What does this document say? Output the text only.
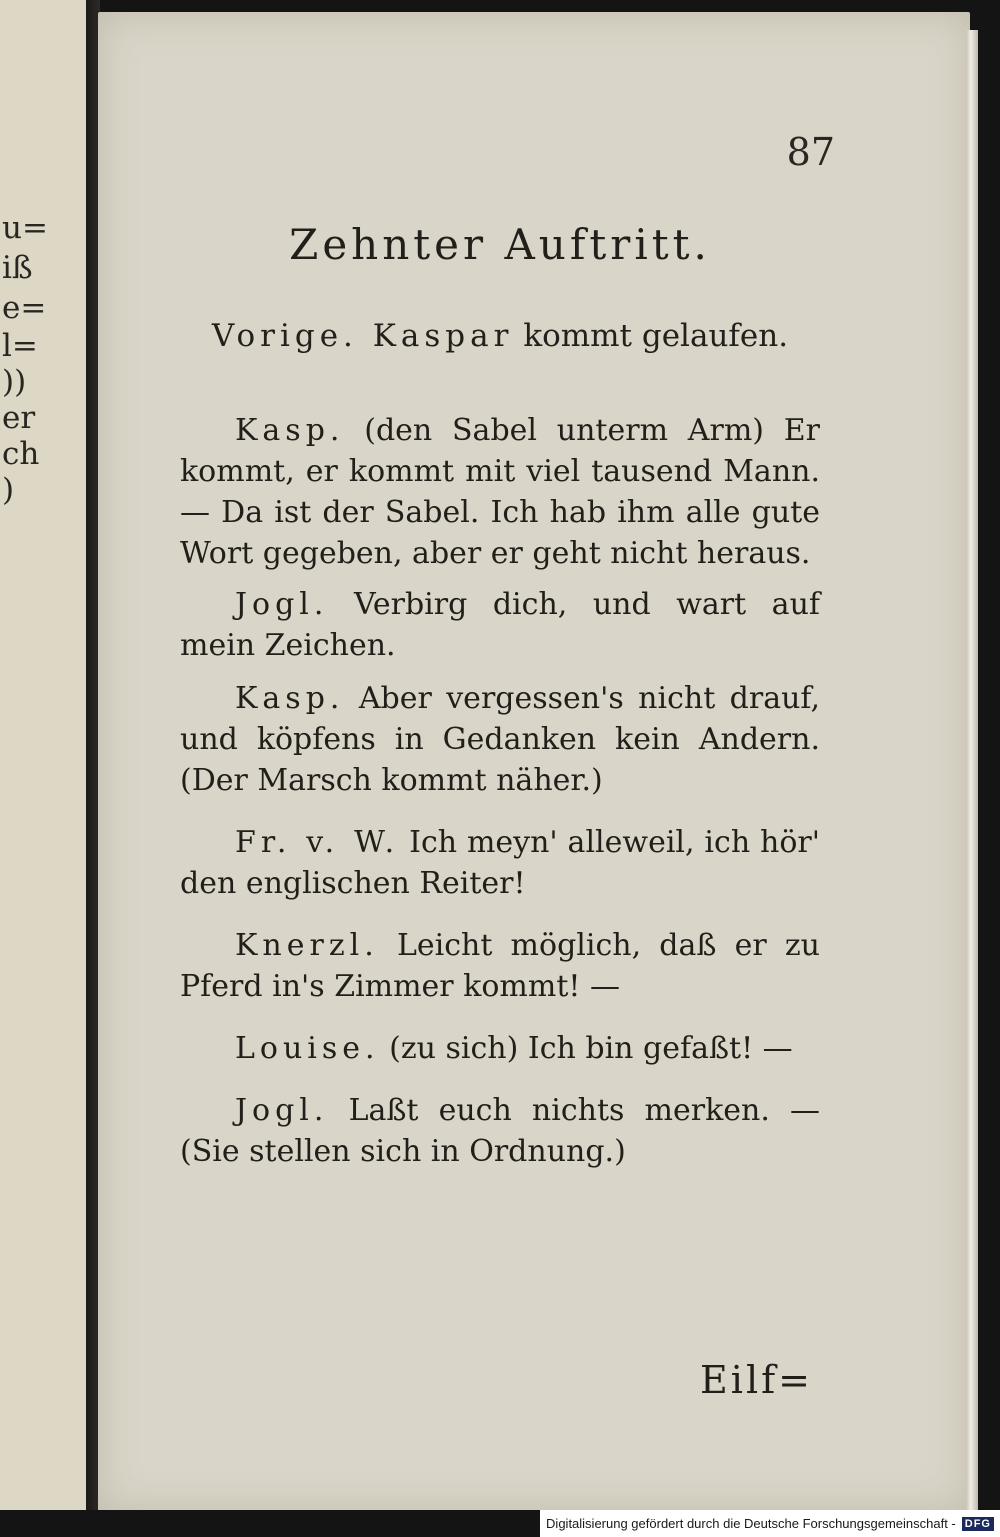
u=
iß
e=
l=
))
er
ch
)
87
Zehnter Auftritt.
Vorige. Kaspar kommt gelaufen.

Kasp. (den Sabel unterm Arm) Er kommt, er kommt mit viel tausend Mann. — Da ist der Sabel. Ich hab ihm alle gute Wort gegeben, aber er geht nicht heraus.

Jogl. Verbirg dich, und wart auf mein Zeichen.

Kasp. Aber vergessen's nicht drauf, und köpfens in Gedanken kein Andern. (Der Marsch kommt näher.)

Fr. v. W. Ich meyn' alleweil, ich hör' den englischen Reiter!

Knerzl. Leicht möglich, daß er zu Pferd in's Zimmer kommt! —

Louise. (zu sich) Ich bin gefaßt! —

Jogl. Laßt euch nichts merken. — (Sie stellen sich in Ordnung.)

Eilf=
Digitalisierung gefördert durch die Deutsche Forschungsgemeinschaft - DFG
